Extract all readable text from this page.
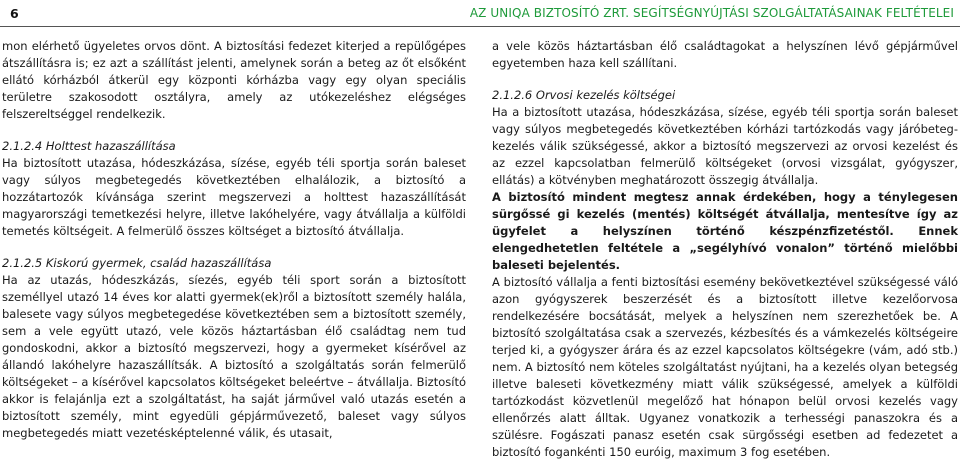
6	AZ UNIQA BIZTOSÍTÓ ZRT. SEGÍTSÉGNYÚJTÁSI SZOLGÁLTATÁSAINAK FELTÉTELEI

mon elérhető ügyeletes orvos dönt. A biztosítási fedezet kiterjed a repülőgépes átszállításra is; ez azt a szállítást jelenti, amelynek során a beteg az őt elsőként ellátó kórházból átkerül egy központi kórházba vagy egy olyan speciális területre szakosodott osztályra, amely az utókezeléshez elégséges felszereltséggel rendelkezik.

2.1.2.4 Holttest hazaszállítása

Ha biztosított utazása, hódeszkázása, sízése, egyéb téli sportja során baleset vagy súlyos megbetegedés következtében elhalálozik, a biztosító a hozzátartozók kívánsága szerint megszervezi a holttest hazaszállítását magyarországi temetkezési helyre, illetve lakóhelyére, vagy átvállalja a külföldi temetés költségeit. A felmerülő összes költséget a biztosító átvállalja.

2.1.2.5 Kiskorú gyermek, család hazaszállítása

Ha az utazás, hódeszkázás, síezés, egyéb téli sport során a biztosított személlyel utazó 14 éves kor alatti gyermek(ek)ről a biztosított személy halála, balesete vagy súlyos megbetegedése következtében sem a biztosított személy, sem a vele együtt utazó, vele közös háztartásban élő családtag nem tud gondoskodni, akkor a biztosító megszervezi, hogy a gyermeket kísérővel az állandó lakóhelyre hazaszállítsák. A biztosító a szolgáltatás során felmerülő költségeket – a kísérővel kapcsolatos költségeket beleértve – átvállalja. Biztosító akkor is felajánlja ezt a szolgáltatást, ha saját járművel való utazás esetén a biztosított személy, mint egyedüli gépjárművezető, baleset vagy súlyos megbetegedés miatt vezetésképtelenné válik, és utasait,

a vele közös háztartásban élő családtagokat a helyszínen lévő gépjárművel egyetemben haza kell szállítani.

2.1.2.6 Orvosi kezelés költségei

Ha a biztosított utazása, hódeszkázása, sízése, egyéb téli sportja során baleset vagy súlyos megbetegedés következtében kórházi tartózkodás vagy járóbeteg-kezelés válik szükségessé, akkor a biztosító megszervezi az orvosi kezelést és az ezzel kapcsolatban felmerülő költségeket (orvosi vizsgálat, gyógyszer, ellátás) a kötvényben meghatározott összegig átvállalja.

A biztosító mindent megtesz annak érdekében, hogy a ténylegesen sürgőssé gi kezelés (mentés) költségét átvállalja, mentesítve így az ügyfelet a helyszínen történő készpénzfizetéstől. Ennek elengedhetetlen feltétele a „segélyhívó vonalon” történő mielőbbi baleseti bejelentés.

A biztosító vállalja a fenti biztosítási esemény bekövetkeztével szükségessé váló azon gyógyszerek beszerzését és a biztosított illetve kezelőorvosa rendelkezésére bocsátását, melyek a helyszínen nem szerezhetőek be. A biztosító szolgáltatása csak a szervezés, kézbesítés és a vámkezelés költségeire terjed ki, a gyógyszer árára és az ezzel kapcsolatos költségekre (vám, adó stb.) nem. A biztosító nem köteles szolgáltatást nyújtani, ha a kezelés olyan betegség illetve baleseti következmény miatt válik szükségessé, amelyek a külföldi tartózkodást közvetlenül megelőző hat hónapon belül orvosi kezelés vagy ellenőrzés alatt álltak. Ugyanez vonatkozik a terhességi panaszokra és a szülésre. Fogászati panasz esetén csak sürgősségi esetben ad fedezetet a biztosító fogankénti 150 euróig, maximum 3 fog esetében.
